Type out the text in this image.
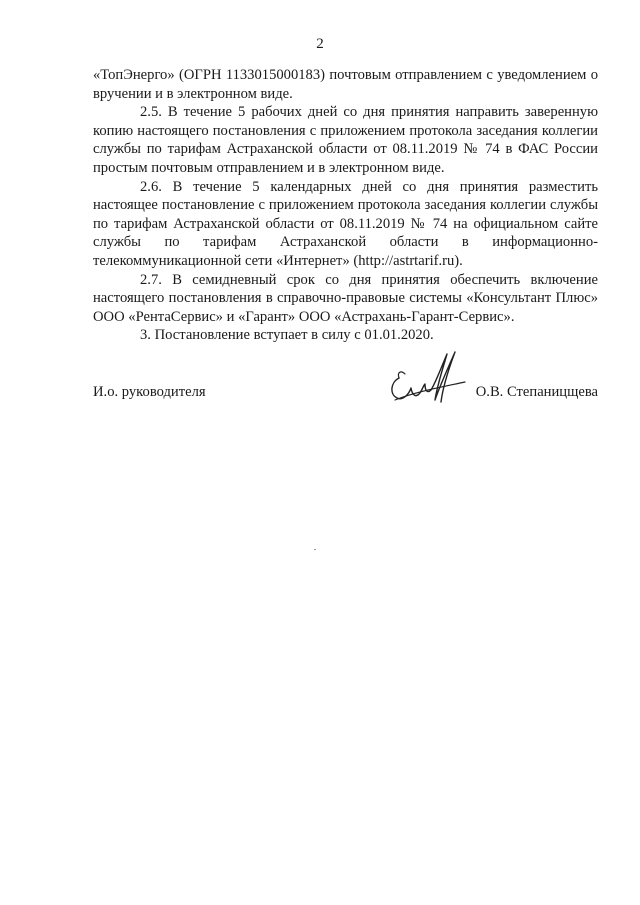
2

«ТопЭнерго» (ОГРН 1133015000183) почтовым отправлением с уведомлением о вручении и в электронном виде.

2.5. В течение 5 рабочих дней со дня принятия направить заверенную копию настоящего постановления с приложением протокола заседания коллегии службы по тарифам Астраханской области от 08.11.2019 № 74 в ФАС России простым почтовым отправлением и в электронном виде.

2.6. В течение 5 календарных дней со дня принятия разместить настоящее постановление с приложением протокола заседания коллегии службы по тарифам Астраханской области от 08.11.2019 № 74 на официальном сайте службы по тарифам Астраханской области в информационно-телекоммуникационной сети «Интернет» (http://astrtarif.ru).

2.7. В семидневный срок со дня принятия обеспечить включение настоящего постановления в справочно-правовые системы «Консультант Плюс» ООО «РентаСервис» и «Гарант» ООО «Астрахань-Гарант-Сервис».

3. Постановление вступает в силу с 01.01.2020.

И.о. руководителя	О.В. Степаницщева
